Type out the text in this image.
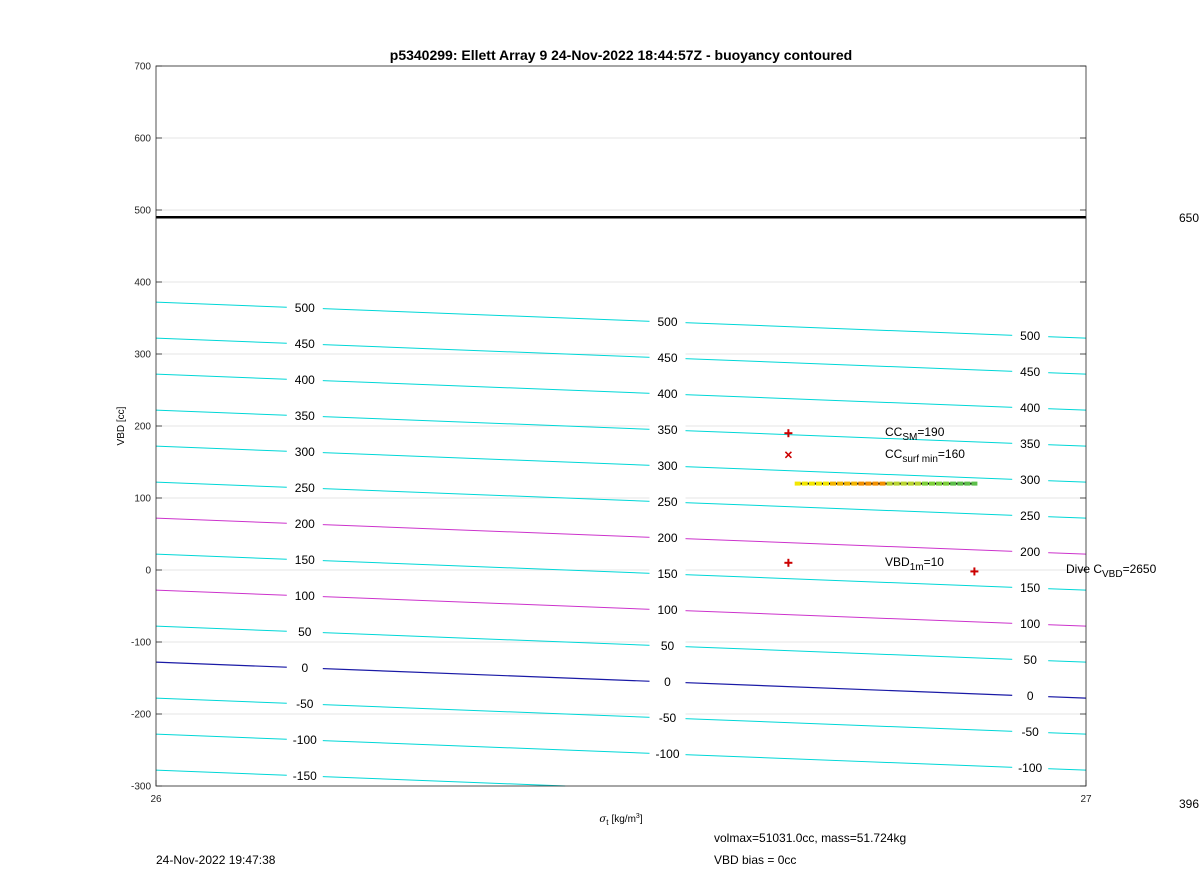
700
600
500
400
300
200
100
0
-100
-200
-300
26	27
500
500
500
450
450
450
400
400
400
350
350
350
300
300
300
250
250
250
200
200
200
150
150
150
100
100
100
50
50
50
0
0
0
-50
-50
-50
-100
-100
-100
-150
p5340299: Ellett Array 9 24-Nov-2022 18:44:57Z - buoyancy contoured
VBD [cc]
$\sigma_t$ $[kg/m^3]$
650
396
$CC_{SM}=190$
$CC_{surf min}=160$
$VBD_{1m}=10$	Dive $C_{VBD}=2650$
volmax=51031.0cc, mass=51.724kg
VBD bias = 0cc
24-Nov-2022 19:47:38
